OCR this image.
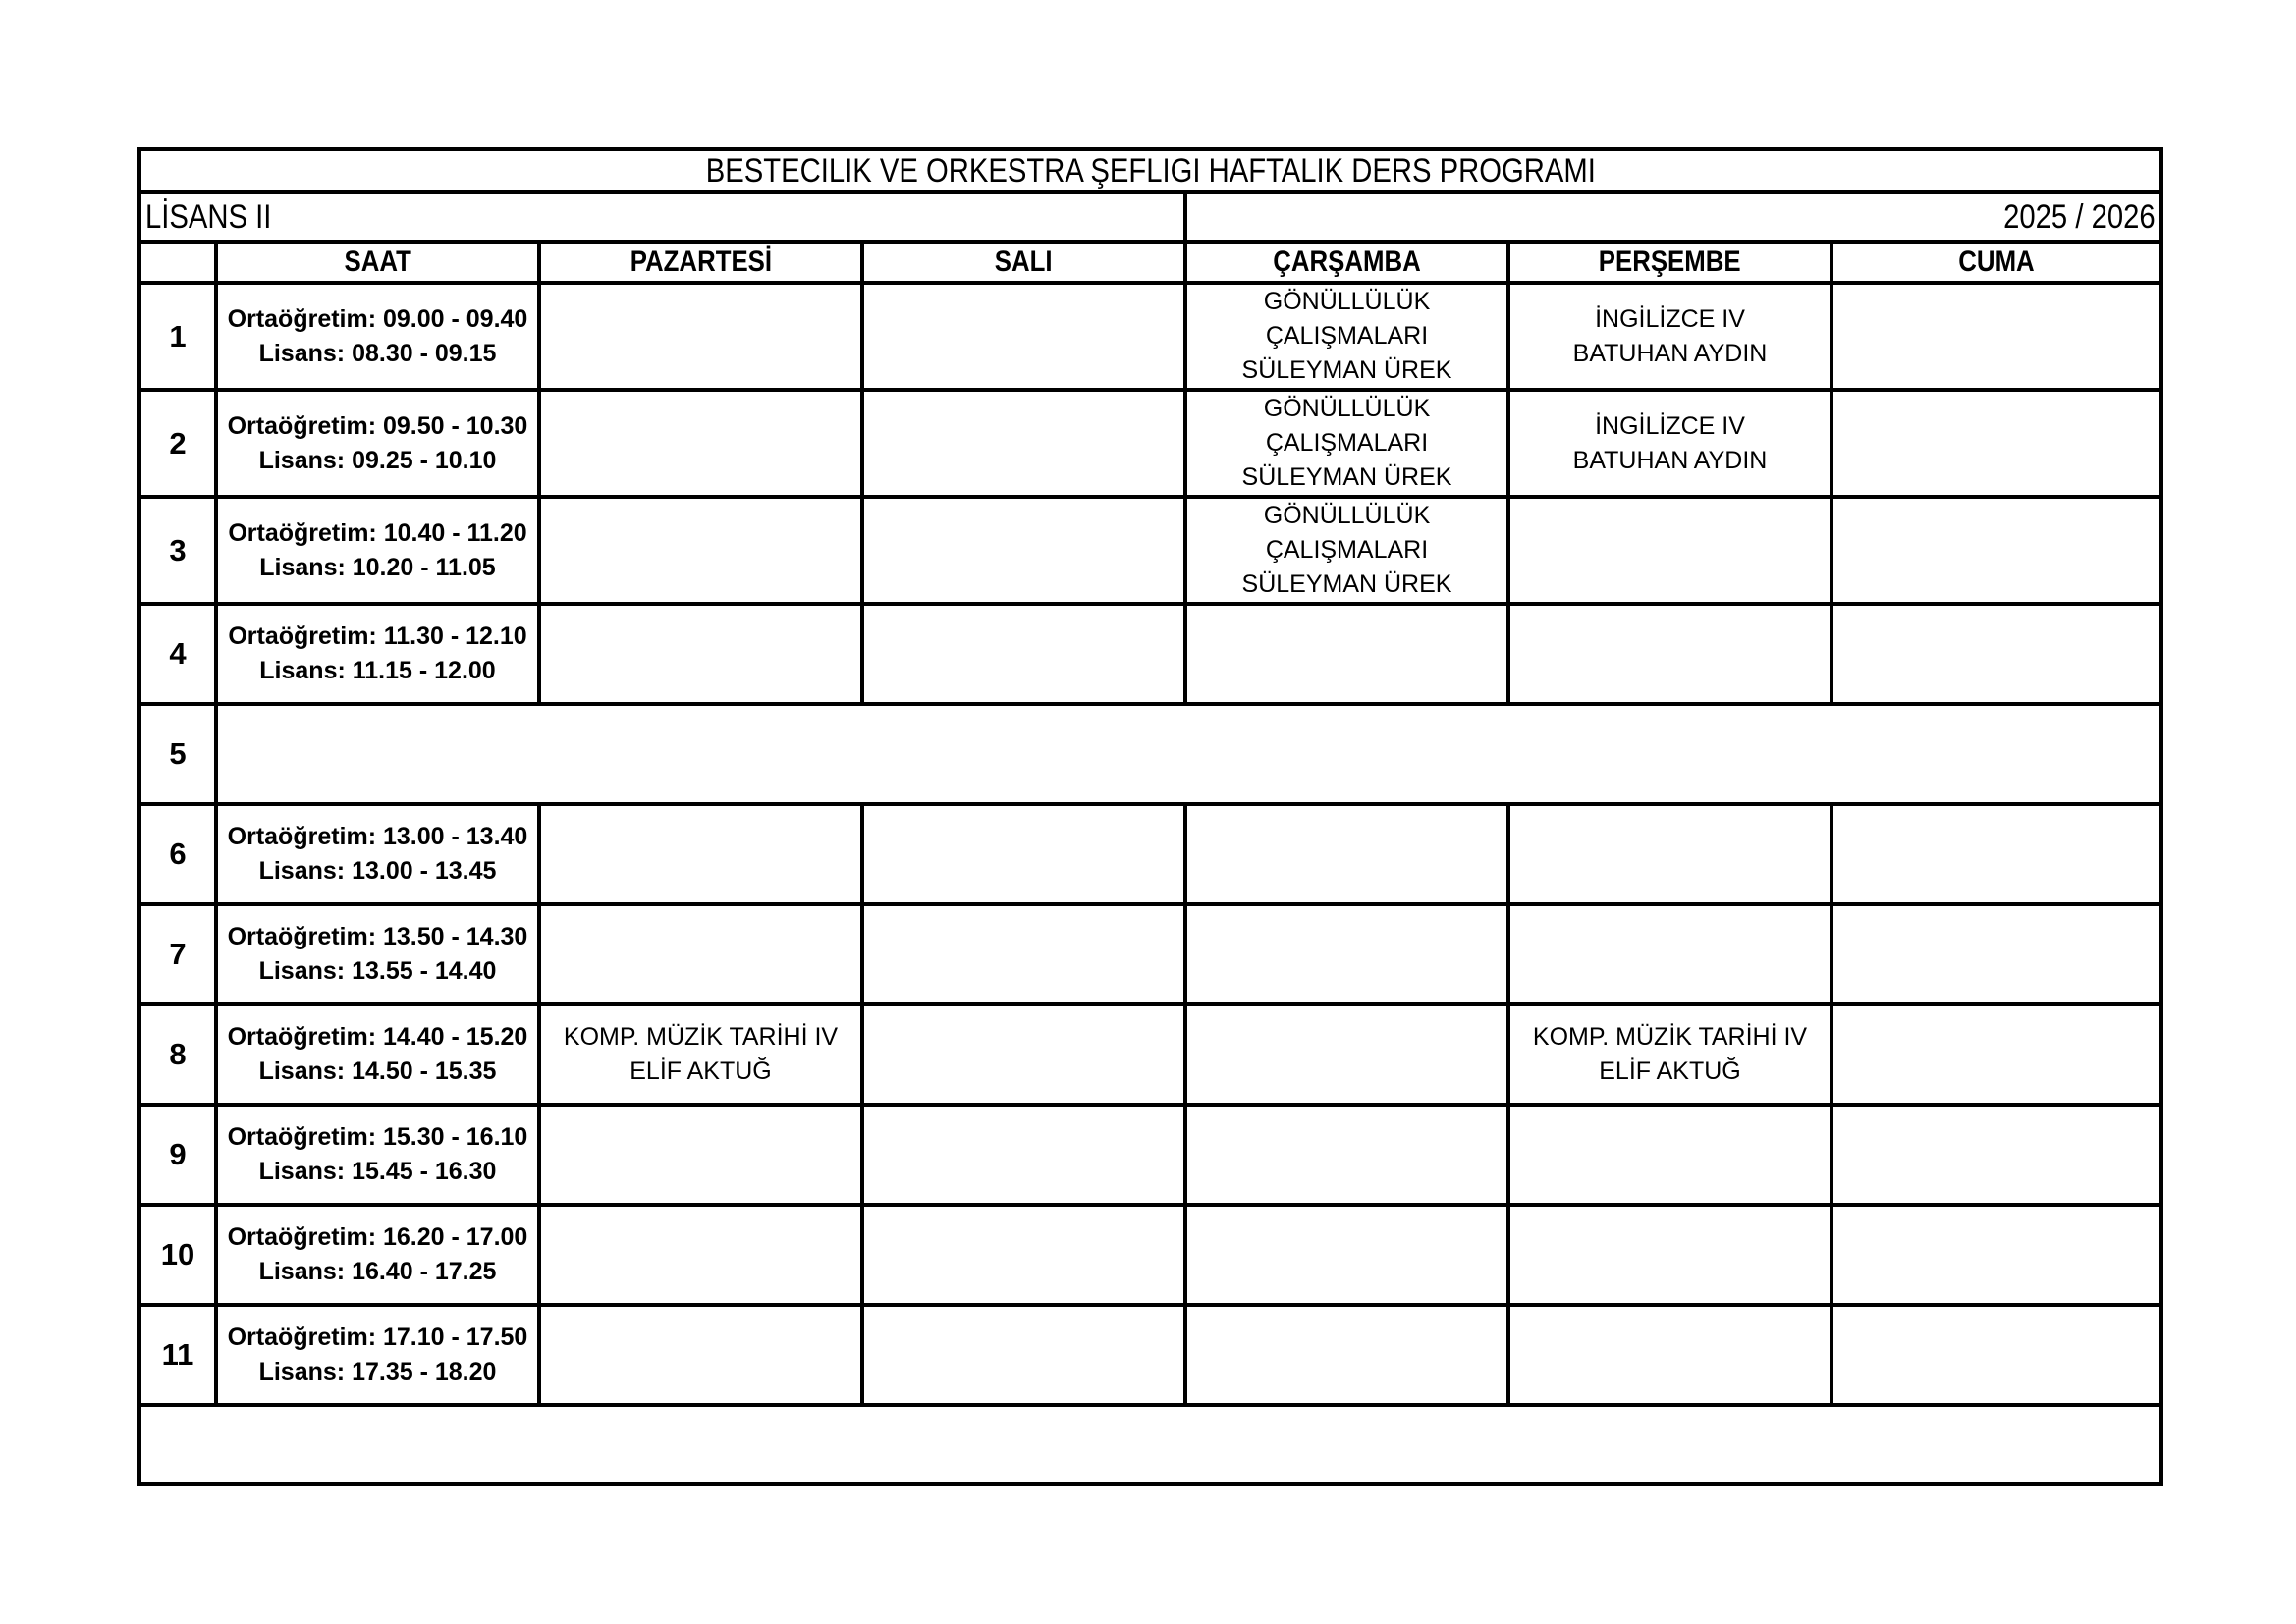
BESTECILIK VE ORKESTRA ŞEFLIGI HAFTALIK DERS PROGRAMI						
LİSANS II				2025 / 2026		
	SAAT	PAZARTESİ	SALI	ÇARŞAMBA	PERŞEMBE	CUMA
1	Ortaöğretim: 09.00 - 09.40
Lisans: 08.30 - 09.15			GÖNÜLLÜLÜK ÇALIŞMALARI
SÜLEYMAN ÜREK	İNGİLİZCE IV
BATUHAN AYDIN	

2	Ortaöğretim: 09.50 - 10.30
Lisans: 09.25 - 10.10			GÖNÜLLÜLÜK ÇALIŞMALARI
SÜLEYMAN ÜREK	İNGİLİZCE IV
BATUHAN AYDIN	

3	Ortaöğretim: 10.40 - 11.20
Lisans: 10.20 - 11.05			GÖNÜLLÜLÜK ÇALIŞMALARI
SÜLEYMAN ÜREK		

4	Ortaöğretim: 11.30 - 12.10
Lisans: 11.15 - 12.00					

5						
6	Ortaöğretim: 13.00 - 13.40
Lisans: 13.00 - 13.45					

7	Ortaöğretim: 13.50 - 14.30
Lisans: 13.55 - 14.40					

8	Ortaöğretim: 14.40 - 15.20
Lisans: 14.50 - 15.35	KOMP. MÜZİK TARİHİ IV
ELİF AKTUĞ			KOMP. MÜZİK TARİHİ IV
ELİF AKTUĞ	

9	Ortaöğretim: 15.30 - 16.10
Lisans: 15.45 - 16.30					

10	Ortaöğretim: 16.20 - 17.00
Lisans: 16.40 - 17.25					

11	Ortaöğretim: 17.10 - 17.50
Lisans: 17.35 - 18.20					
